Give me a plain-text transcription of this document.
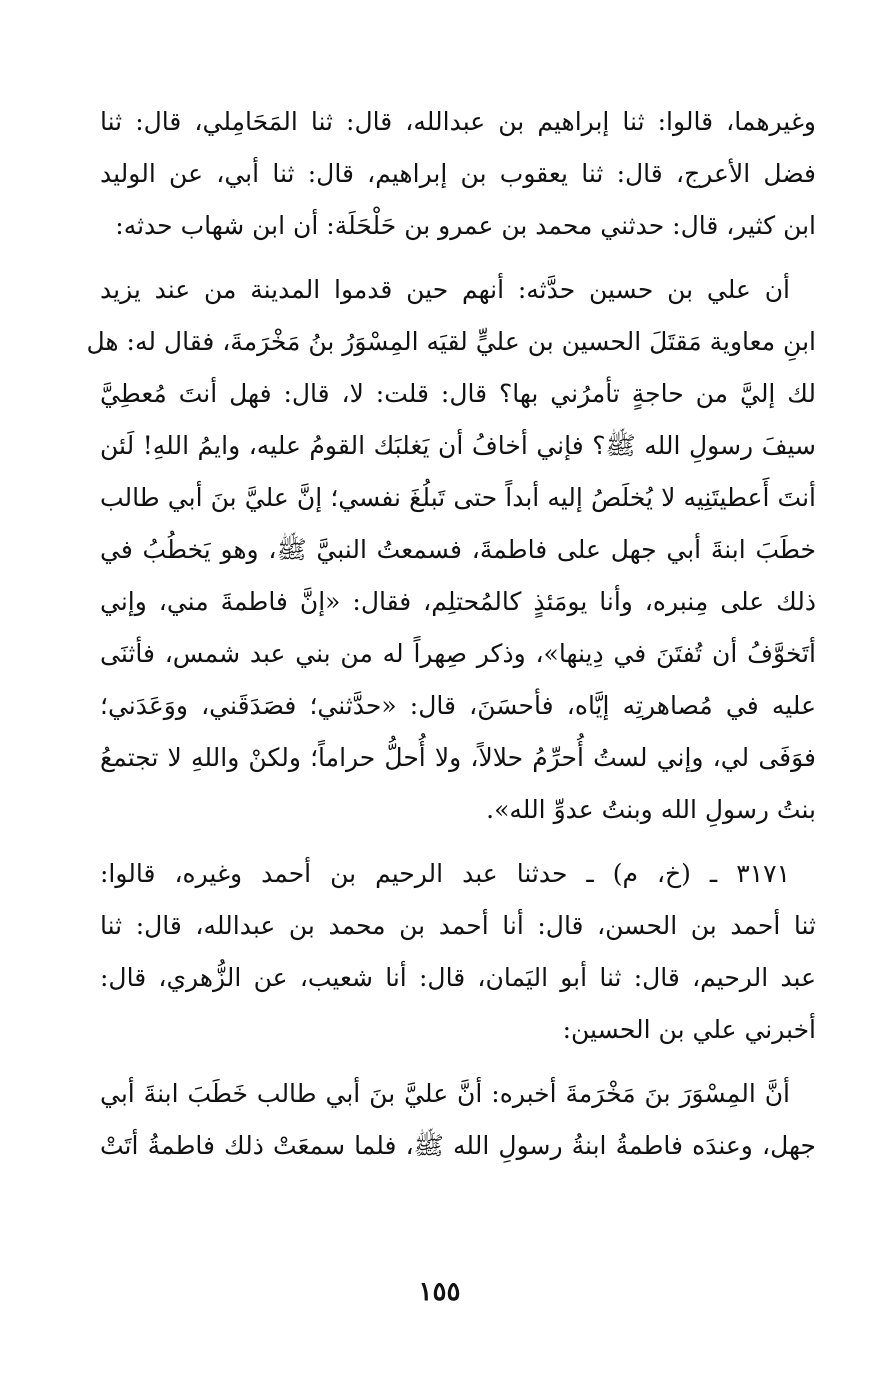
وغيرهما، قالوا: ثنا إبراهيم بن عبدالله، قال: ثنا المَحَامِلي، قال: ثنا
فضل الأعرج، قال: ثنا يعقوب بن إبراهيم، قال: ثنا أبي، عن الوليد
ابن كثير، قال: حدثني محمد بن عمرو بن حَلْحَلَة: أن ابن شهاب حدثه:
أن علي بن حسين حدَّثه: أنهم حين قدموا المدينة من عند يزيد
ابنِ معاوية مَقتَلَ الحسين بن عليٍّ لقيَه المِسْوَرُ بنُ مَخْرَمةَ، فقال له: هل
لك إليَّ من حاجةٍ تأمرُني بها؟ قال: قلت: لا، قال: فهل أنتَ مُعطِيَّ
سيفَ رسولِ الله ﷺ؟ فإني أخافُ أن يَغلبَك القومُ عليه، وايمُ اللهِ! لَئن
أنتَ أَعطيتَنِيه لا يُخلَصُ إليه أبداً حتى تَبلُغَ نفسي؛ إنَّ عليَّ بنَ أبي طالب
خطَبَ ابنةَ أبي جهل على فاطمةَ، فسمعتُ النبيَّ ﷺ، وهو يَخطُبُ في
ذلك على مِنبره، وأنا يومَئذٍ كالمُحتلِم، فقال: «إنَّ فاطمةَ مني، وإني
أتَخوَّفُ أن تُفتَنَ في دِينها»، وذكر صِهراً له من بني عبد شمس، فأثنَى
عليه في مُصاهرتِه إيَّاه، فأحسَنَ، قال: «حدَّثني؛ فصَدَقَني، ووَعَدَني؛
فوَفَى لي، وإني لستُ أُحرِّمُ حلالاً، ولا أُحلُّ حراماً؛ ولكنْ واللهِ لا تجتمعُ
بنتُ رسولِ الله وبنتُ عدوِّ الله».
٣١٧١ ـ (خ، م) ـ حدثنا عبد الرحيم بن أحمد وغيره، قالوا:
ثنا أحمد بن الحسن، قال: أنا أحمد بن محمد بن عبدالله، قال: ثنا
عبد الرحيم، قال: ثنا أبو اليَمان، قال: أنا شعيب، عن الزُّهري، قال:
أخبرني علي بن الحسين:
أنَّ المِسْوَرَ بنَ مَخْرَمةَ أخبره: أنَّ عليَّ بنَ أبي طالب خَطَبَ ابنةَ أبي
جهل، وعندَه فاطمةُ ابنةُ رسولِ الله ﷺ، فلما سمعَتْ ذلك فاطمةُ أتَتْ
١٥٥
